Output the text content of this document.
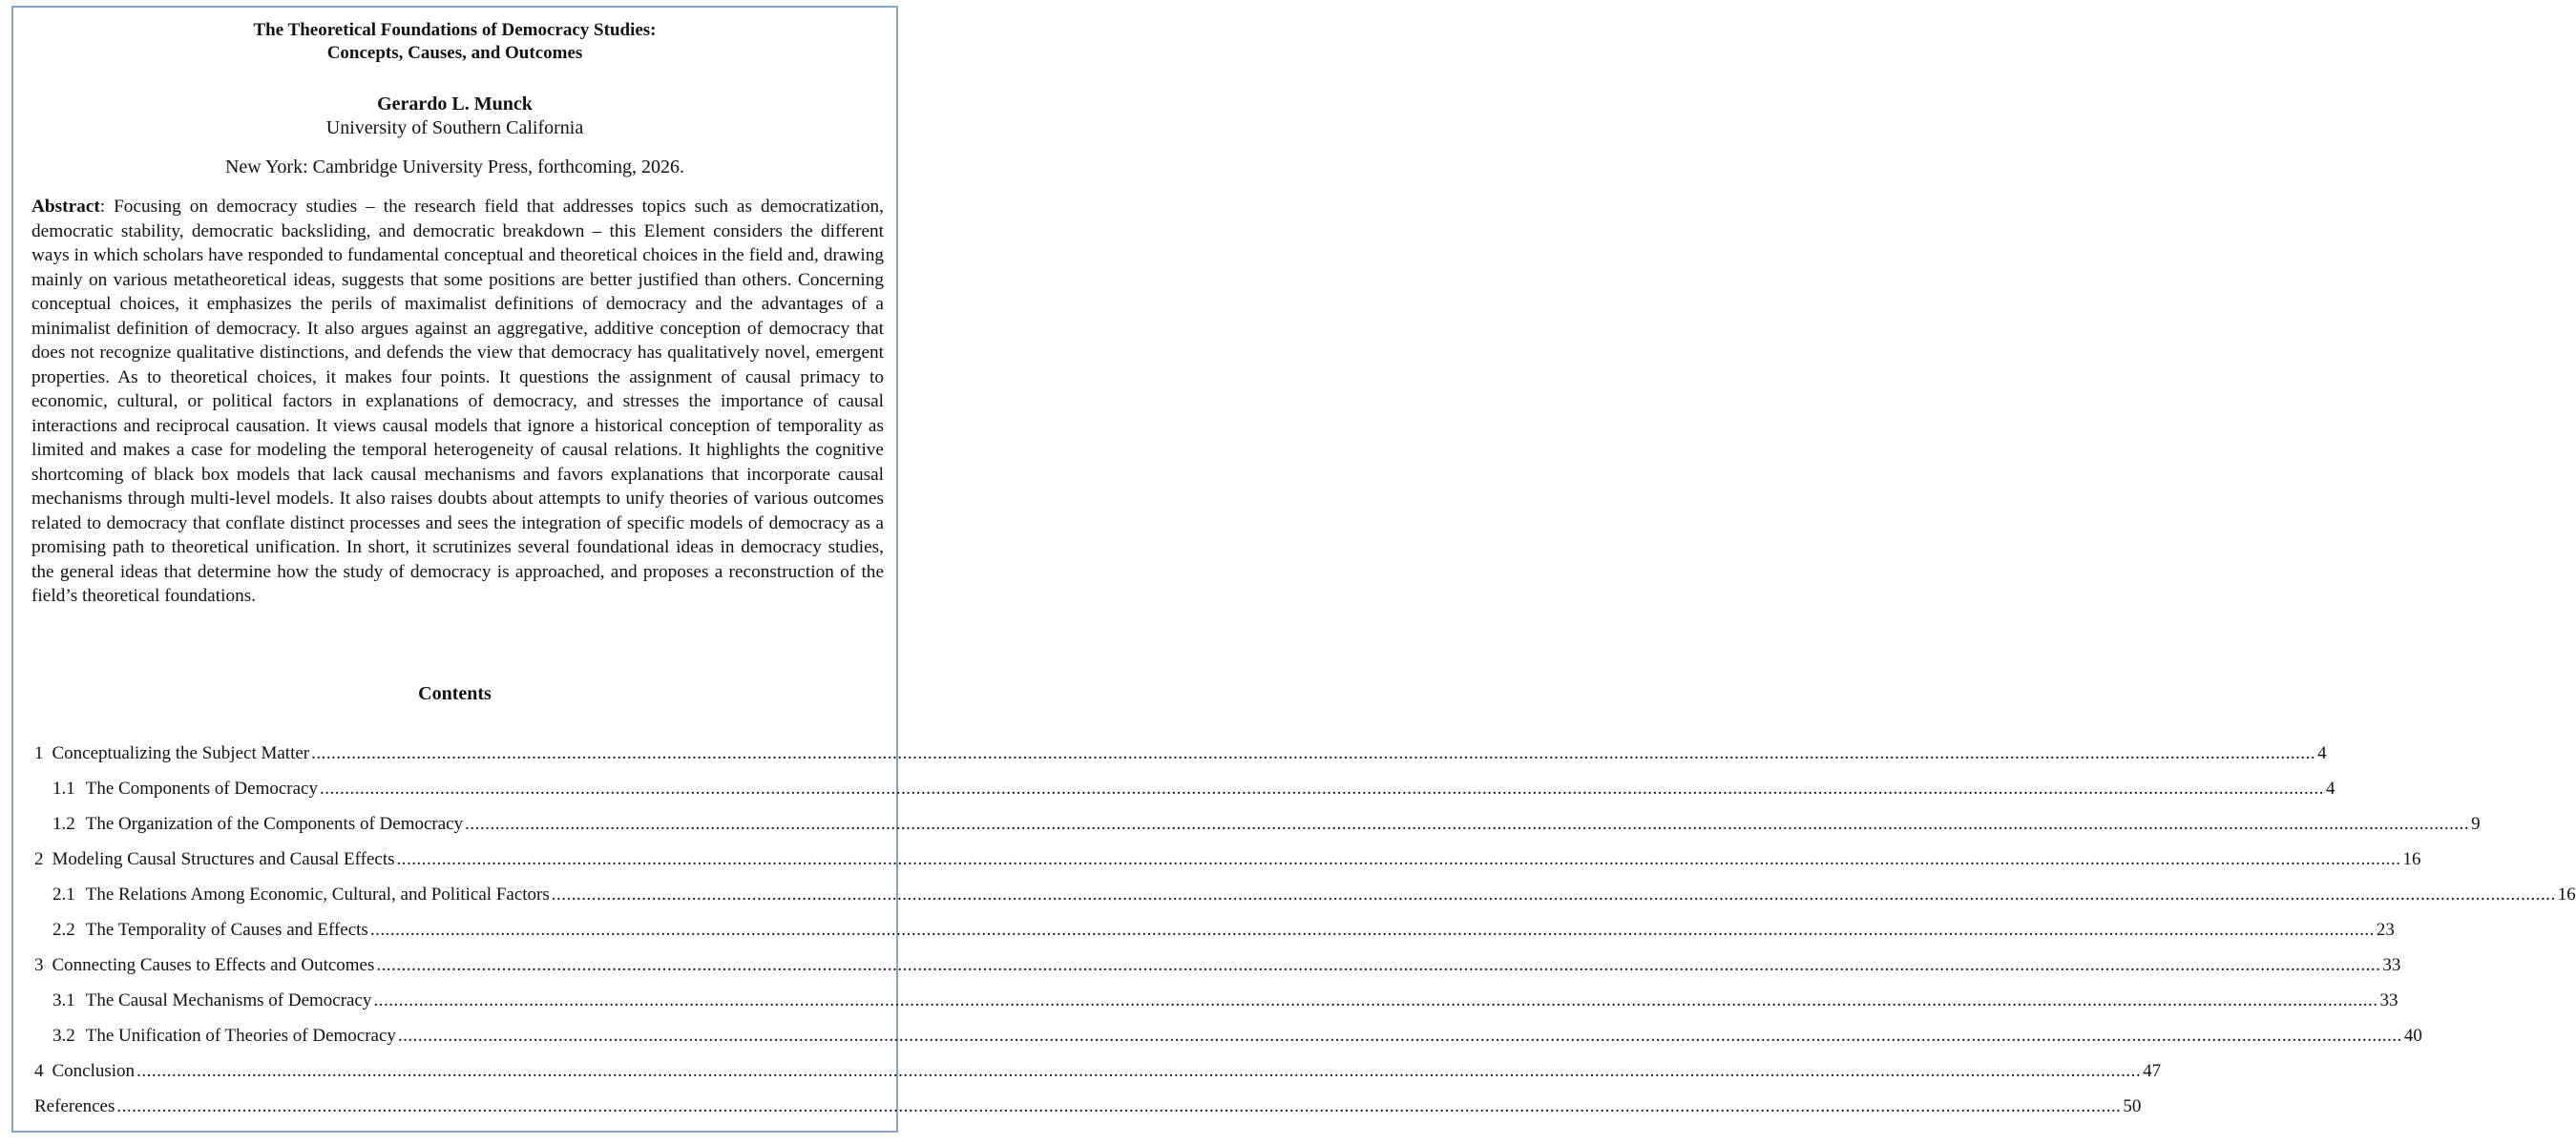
The Theoretical Foundations of Democracy Studies:
Concepts, Causes, and Outcomes
Gerardo L. Munck
University of Southern California
New York: Cambridge University Press, forthcoming, 2026.

Abstract: Focusing on democracy studies – the research field that addresses topics such as democratization, democratic stability, democratic backsliding, and democratic breakdown – this Element considers the different ways in which scholars have responded to fundamental conceptual and theoretical choices in the field and, drawing mainly on various metatheoretical ideas, suggests that some positions are better justified than others. Concerning conceptual choices, it emphasizes the perils of maximalist definitions of democracy and the advantages of a minimalist definition of democracy. It also argues against an aggregative, additive conception of democracy that does not recognize qualitative distinctions, and defends the view that democracy has qualitatively novel, emergent properties. As to theoretical choices, it makes four points. It questions the assignment of causal primacy to economic, cultural, or political factors in explanations of democracy, and stresses the importance of causal interactions and reciprocal causation. It views causal models that ignore a historical conception of temporality as limited and makes a case for modeling the temporal heterogeneity of causal relations. It highlights the cognitive shortcoming of black box models that lack causal mechanisms and favors explanations that incorporate causal mechanisms through multi-level models. It also raises doubts about attempts to unify theories of various outcomes related to democracy that conflate distinct processes and sees the integration of specific models of democracy as a promising path to theoretical unification. In short, it scrutinizes several foundational ideas in democracy studies, the general ideas that determine how the study of democracy is approached, and proposes a reconstruction of the field’s theoretical foundations.

Contents
1 Conceptualizing the Subject Matter ................................................................................................................................................................................................................................................................................................................................................................................................................ 4
1.1 The Components of Democracy ................................................................................................................................................................................................................................................................................................................................................................................................................ 4
1.2 The Organization of the Components of Democracy ................................................................................................................................................................................................................................................................................................................................................................................................................ 9
2 Modeling Causal Structures and Causal Effects ................................................................................................................................................................................................................................................................................................................................................................................................................ 16
2.1 The Relations Among Economic, Cultural, and Political Factors ................................................................................................................................................................................................................................................................................................................................................................................................................ 16
2.2 The Temporality of Causes and Effects ................................................................................................................................................................................................................................................................................................................................................................................................................ 23
3 Connecting Causes to Effects and Outcomes ................................................................................................................................................................................................................................................................................................................................................................................................................ 33
3.1 The Causal Mechanisms of Democracy ................................................................................................................................................................................................................................................................................................................................................................................................................ 33
3.2 The Unification of Theories of Democracy ................................................................................................................................................................................................................................................................................................................................................................................................................ 40
4 Conclusion ................................................................................................................................................................................................................................................................................................................................................................................................................ 47
References ................................................................................................................................................................................................................................................................................................................................................................................................................ 50
